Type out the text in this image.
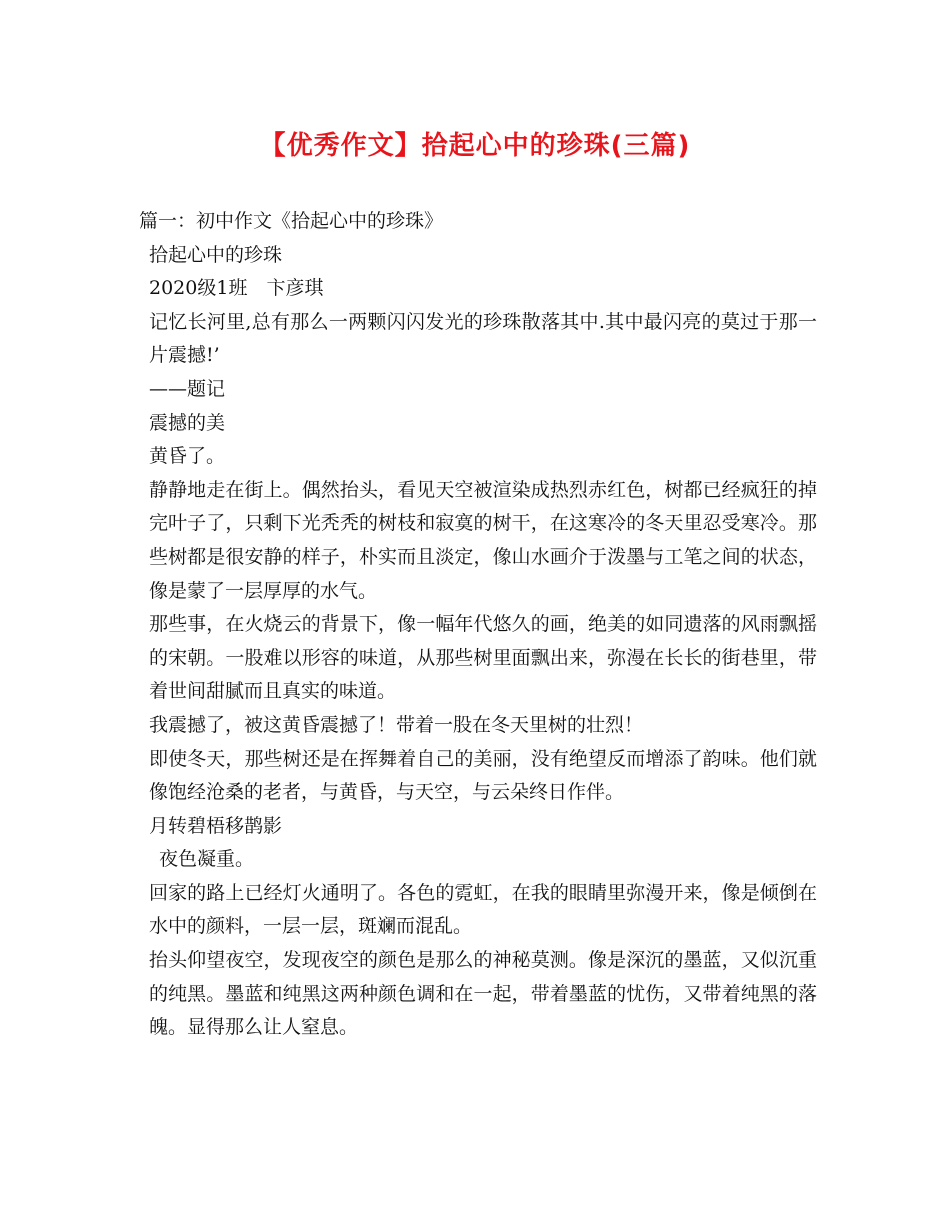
【优秀作文】拾起心中的珍珠(三篇)

篇一：初中作文《拾起心中的珍珠》

拾起心中的珍珠

2020级1班　卞彦琪

记忆长河里,总有那么一两颗闪闪发光的珍珠散落其中.其中最闪亮的莫过于那一片震撼!’

——题记

震撼的美

黄昏了。

静静地走在街上。偶然抬头，看见天空被渲染成热烈赤红色，树都已经疯狂的掉完叶子了，只剩下光秃秃的树枝和寂寞的树干，在这寒冷的冬天里忍受寒冷。那些树都是很安静的样子，朴实而且淡定，像山水画介于泼墨与工笔之间的状态，像是蒙了一层厚厚的水气。

那些事，在火烧云的背景下，像一幅年代悠久的画，绝美的如同遗落的风雨飘摇的宋朝。一股难以形容的味道，从那些树里面飘出来，弥漫在长长的街巷里，带着世间甜腻而且真实的味道。

我震撼了，被这黄昏震撼了！带着一股在冬天里树的壮烈！

即使冬天，那些树还是在挥舞着自己的美丽，没有绝望反而增添了韵味。他们就像饱经沧桑的老者，与黄昏，与天空，与云朵终日作伴。

月转碧梧移鹊影

夜色凝重。

回家的路上已经灯火通明了。各色的霓虹，在我的眼睛里弥漫开来，像是倾倒在水中的颜料，一层一层，斑斓而混乱。

抬头仰望夜空，发现夜空的颜色是那么的神秘莫测。像是深沉的墨蓝，又似沉重的纯黑。墨蓝和纯黑这两种颜色调和在一起，带着墨蓝的忧伤，又带着纯黑的落魄。显得那么让人窒息。
